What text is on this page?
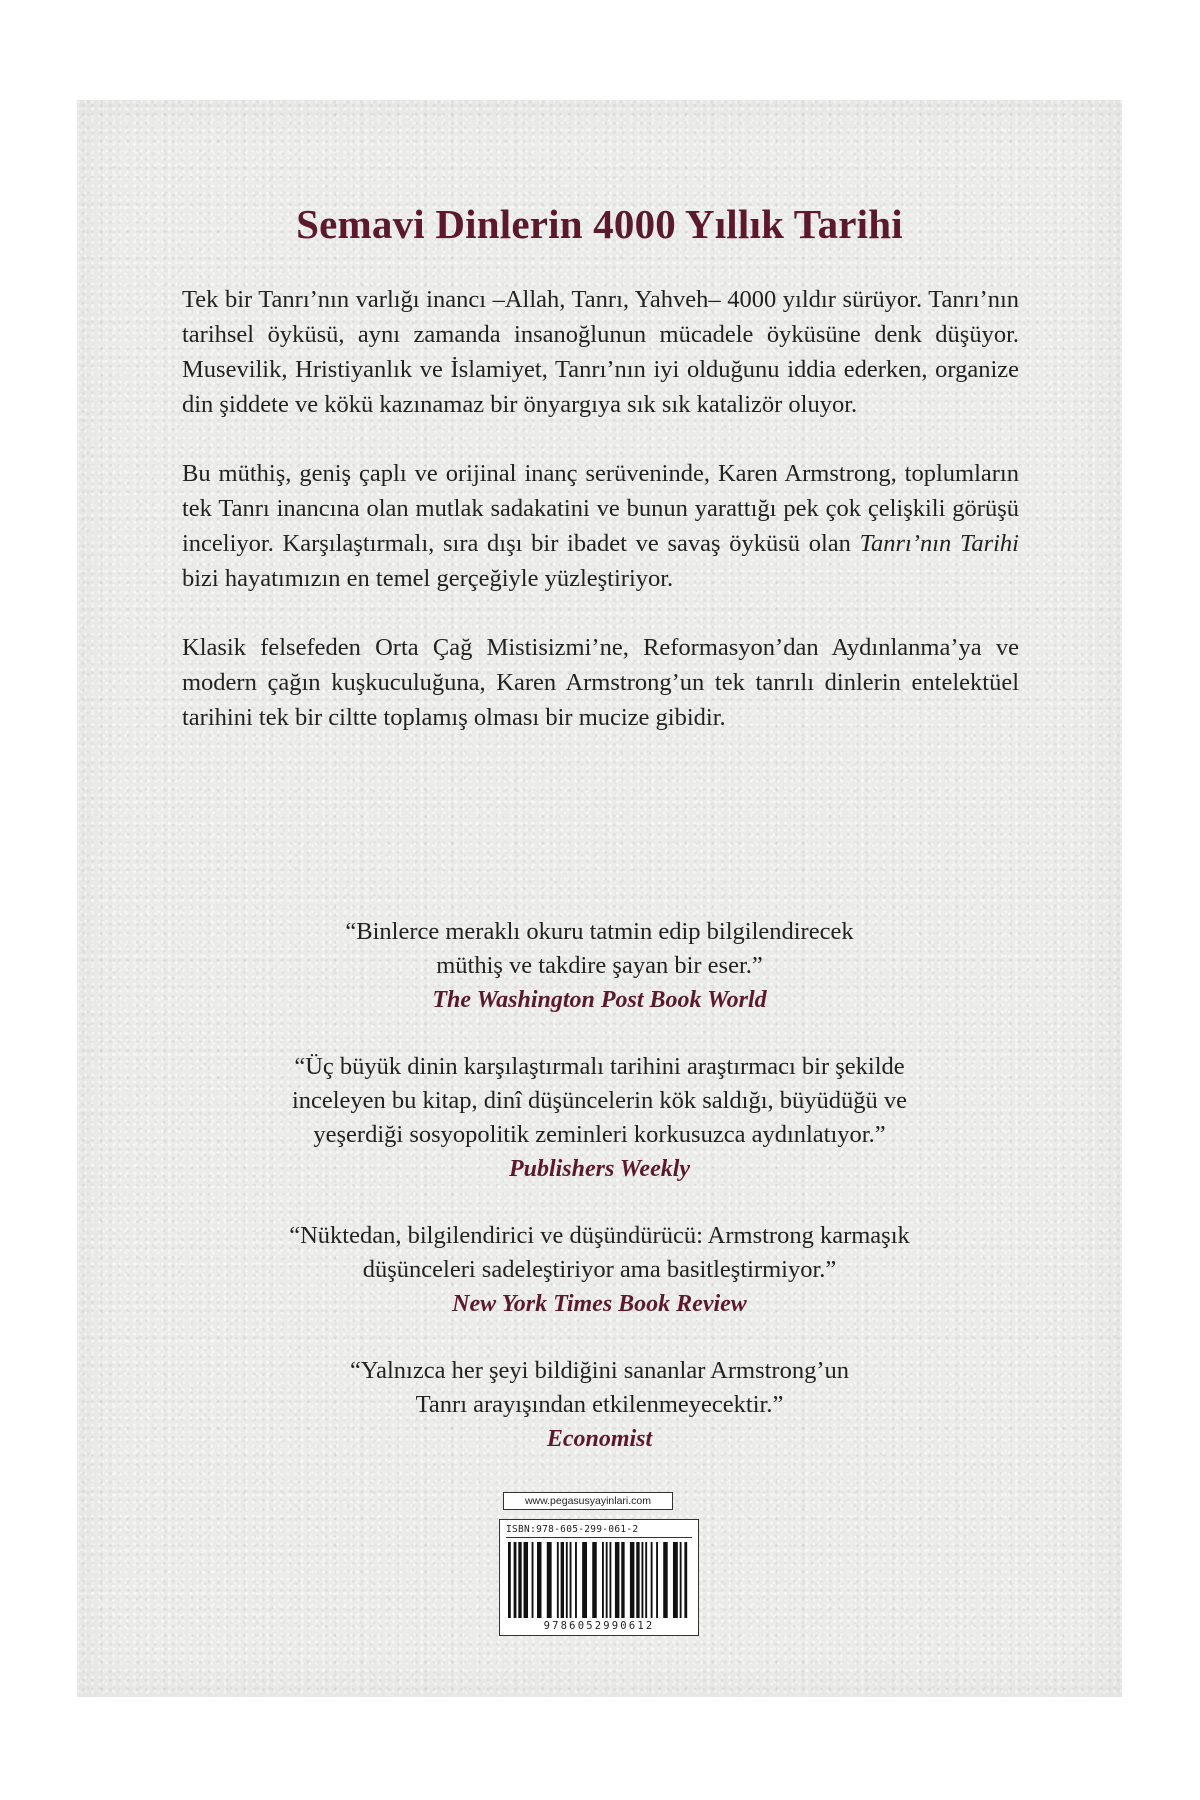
Semavi Dinlerin 4000 Yıllık Tarihi

Tek bir Tanrı’nın varlığı inancı –Allah, Tanrı, Yahveh– 4000 yıldır sürüyor. Tanrı’nın tarihsel öyküsü, aynı zamanda insanoğlunun mücadele öyküsüne denk düşüyor. Musevilik, Hristiyanlık ve İslamiyet, Tanrı’nın iyi olduğunu iddia ederken, organize din şiddete ve kökü kazınamaz bir önyargıya sık sık katalizör oluyor.

Bu müthiş, geniş çaplı ve orijinal inanç serüveninde, Karen Armstrong, toplumların tek Tanrı inancına olan mutlak sadakatini ve bunun yarattığı pek çok çelişkili görüşü inceliyor. Karşılaştırmalı, sıra dışı bir ibadet ve savaş öyküsü olan Tanrı’nın Tarihi bizi hayatımızın en temel gerçeğiyle yüzleştiriyor.

Klasik felsefeden Orta Çağ Mistisizmi’ne, Reformasyon’dan Aydınlanma’ya ve modern çağın kuşkuculuğuna, Karen Armstrong’un tek tanrılı dinlerin entelektüel tarihini tek bir ciltte toplamış olması bir mucize gibidir.

“Binlerce meraklı okuru tatmin edip bilgilendirecek
müthiş ve takdire şayan bir eser.”

The Washington Post Book World

“Üç büyük dinin karşılaştırmalı tarihini araştırmacı bir şekilde
inceleyen bu kitap, dinî düşüncelerin kök saldığı, büyüdüğü ve
yeşerdiği sosyopolitik zeminleri korkusuzca aydınlatıyor.”

Publishers Weekly

“Nüktedan, bilgilendirici ve düşündürücü: Armstrong karmaşık
düşünceleri sadeleştiriyor ama basitleştirmiyor.”

New York Times Book Review

“Yalnızca her şeyi bildiğini sananlar Armstrong’un
Tanrı arayışından etkilenmeyecektir.”

Economist

www.pegasusyayinlari.com
ISBN:978-605-299-061-2
9786052990612
